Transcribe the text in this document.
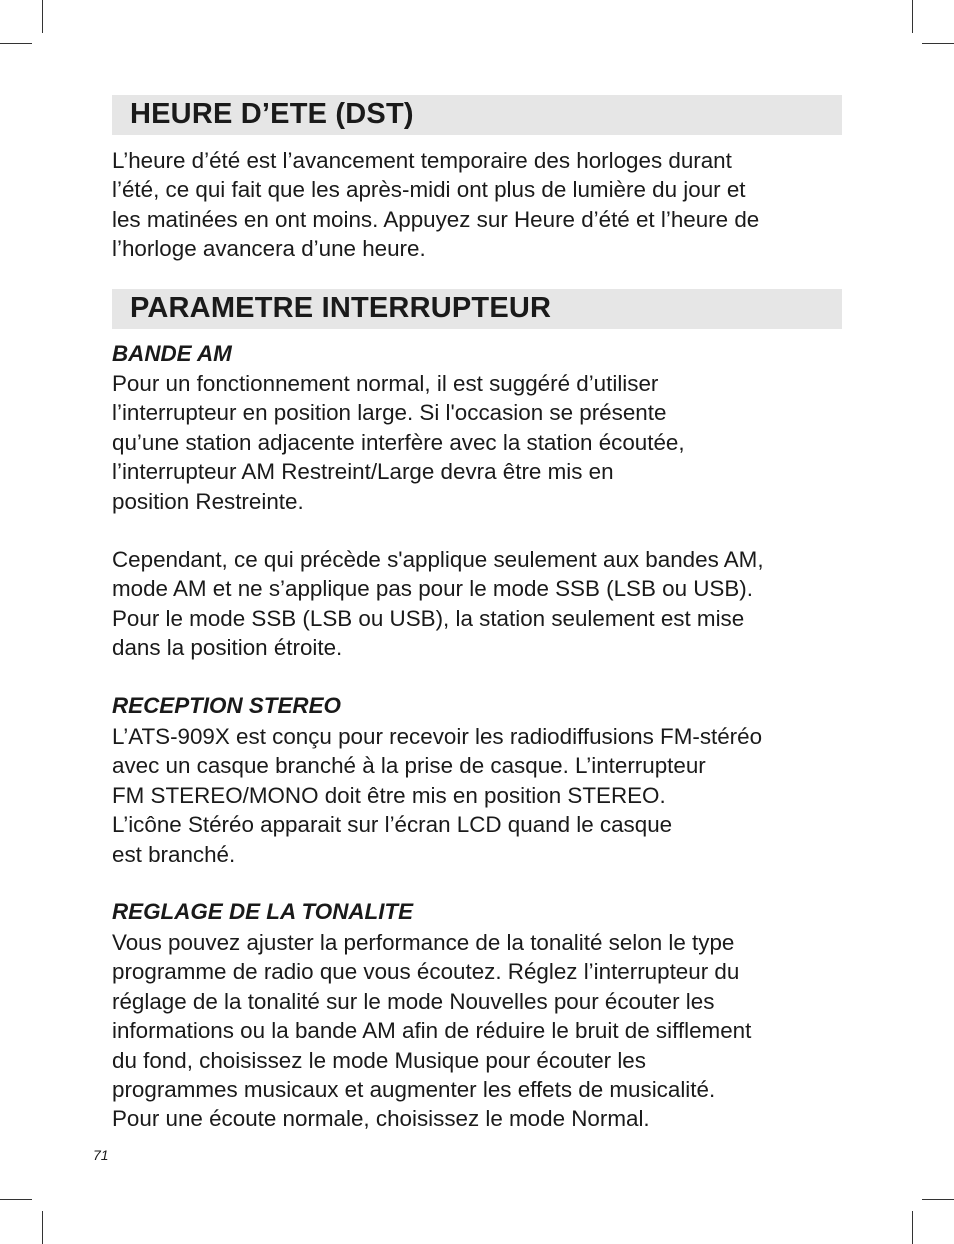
HEURE D’ETE (DST)
L’heure d’été est l’avancement temporaire des horloges durant
l’été, ce qui fait que les après-midi ont plus de lumière du jour et
les matinées en ont moins. Appuyez sur Heure d’été et l’heure de
l’horloge avancera d’une heure.
PARAMETRE INTERRUPTEUR
BANDE AM
Pour un fonctionnement normal, il est suggéré d’utiliser
l’interrupteur en position large. Si l'occasion se présente
qu’une station adjacente interfère avec la station écoutée,
l’interrupteur AM Restreint/Large devra être mis en
position Restreinte.
Cependant, ce qui précède s'applique seulement aux bandes AM,
mode AM et ne s’applique pas pour le mode SSB (LSB ou USB).
Pour le mode SSB (LSB ou USB), la station seulement est mise
dans la position étroite.
RECEPTION STEREO
L’ATS-909X est conçu pour recevoir les radiodiffusions FM-stéréo
avec un casque branché à la prise de casque. L’interrupteur
FM STEREO/MONO doit être mis en position STEREO.
L’icône Stéréo apparait sur l’écran LCD quand le casque
est branché.
REGLAGE DE LA TONALITE
Vous pouvez ajuster la performance de la tonalité selon le type
programme de radio que vous écoutez. Réglez l’interrupteur du
réglage de la tonalité sur le mode Nouvelles pour écouter les
informations ou la bande AM afin de réduire le bruit de sifflement
du fond, choisissez le mode Musique pour écouter les
programmes musicaux et augmenter les effets de musicalité.
Pour une écoute normale, choisissez le mode Normal.
71
